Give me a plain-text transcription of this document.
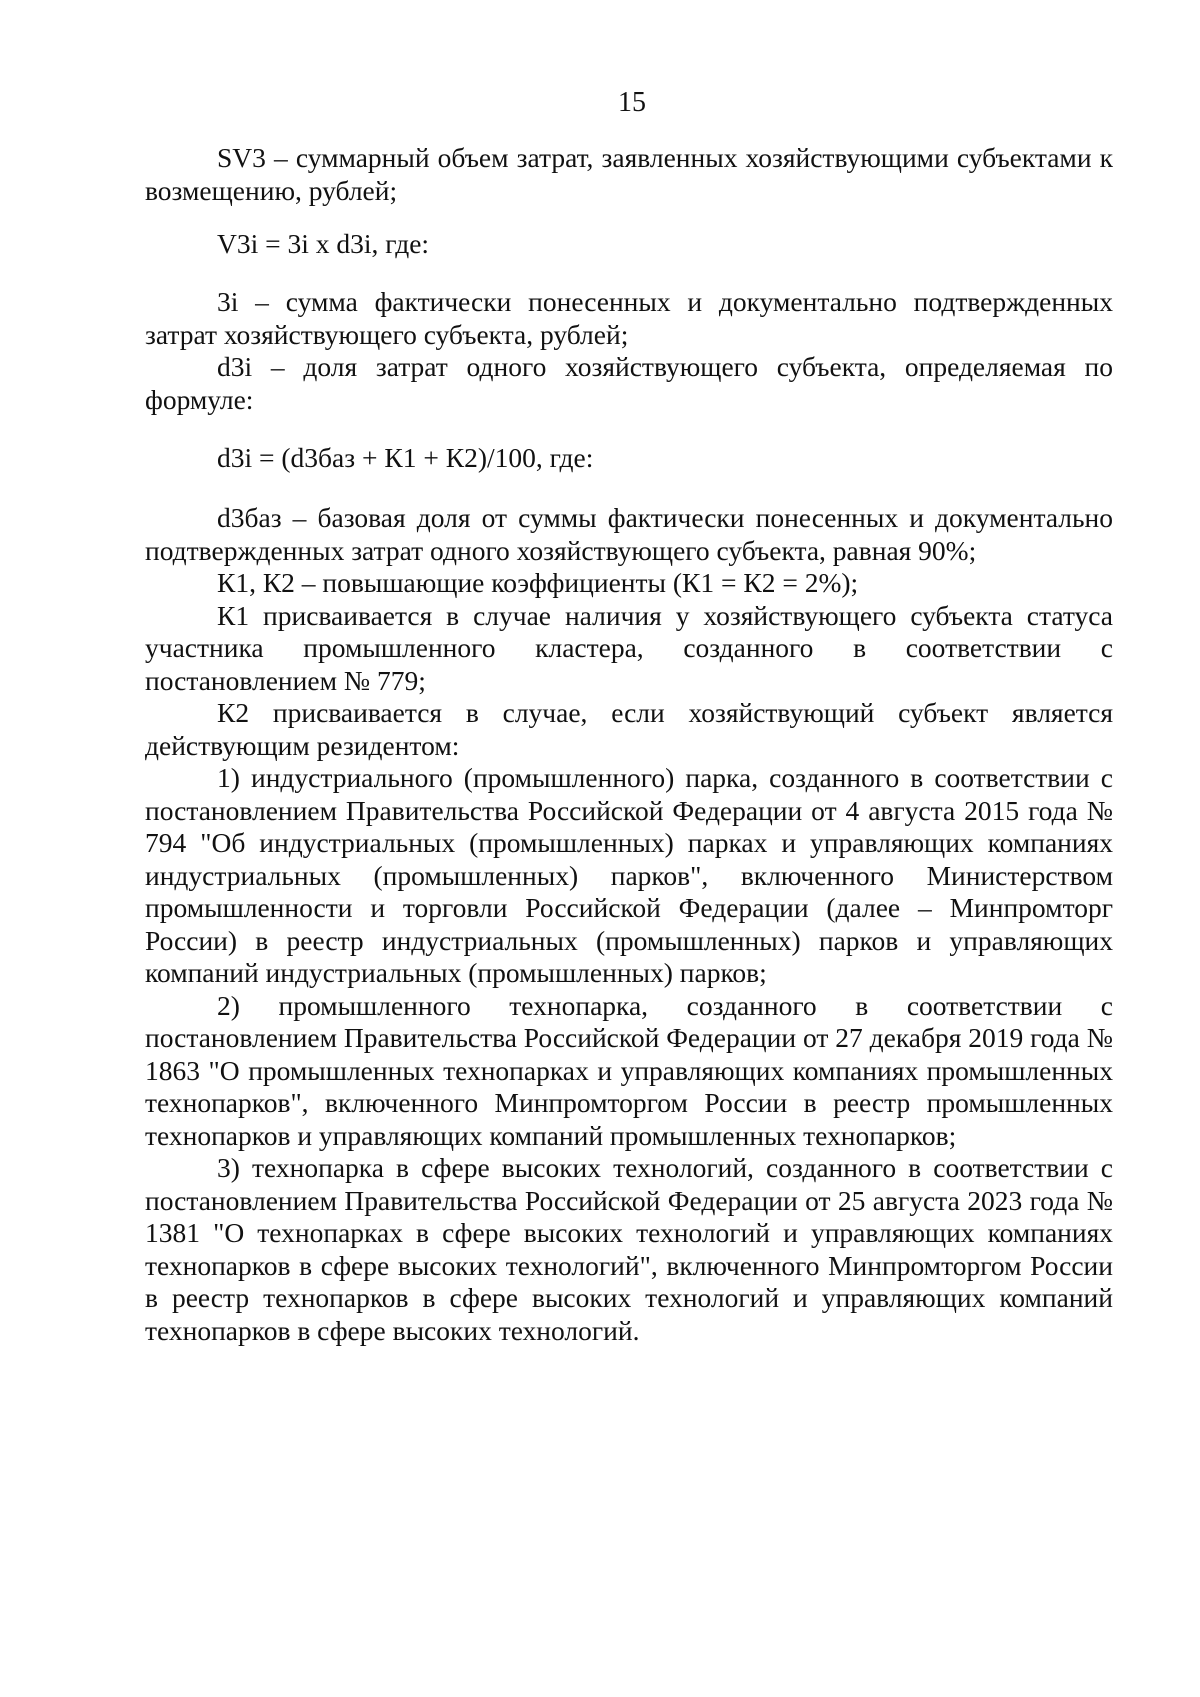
15

SV3 – суммарный объем затрат, заявленных хозяйствующими субъектами к возмещению, рублей;

V3i = 3i х d3i, где:

3i – сумма фактически понесенных и документально подтвержденных затрат хозяйствующего субъекта, рублей;

d3i – доля затрат одного хозяйствующего субъекта, определяемая по формуле:

d3i = (d3баз + К1 + К2)/100, где:

d3баз – базовая доля от суммы фактически понесенных и документально подтвержденных затрат одного хозяйствующего субъекта, равная 90%;

К1, К2 – повышающие коэффициенты (К1 = К2 = 2%);

К1 присваивается в случае наличия у хозяйствующего субъекта статуса участника промышленного кластера, созданного в соответствии с постановлением № 779;

К2 присваивается в случае, если хозяйствующий субъект является действующим резидентом:

1) индустриального (промышленного) парка, созданного в соответствии с постановлением Правительства Российской Федерации от 4 августа 2015 года № 794 "Об индустриальных (промышленных) парках и управляющих компаниях индустриальных (промышленных) парков", включенного Министерством промышленности и торговли Российской Федерации (далее – Минпромторг России) в реестр индустриальных (промышленных) парков и управляющих компаний индустриальных (промышленных) парков;

2) промышленного технопарка, созданного в соответствии с постановлением Правительства Российской Федерации от 27 декабря 2019 года № 1863 "О промышленных технопарках и управляющих компаниях промышленных технопарков", включенного Минпромторгом России в реестр промышленных технопарков и управляющих компаний промышленных технопарков;

3) технопарка в сфере высоких технологий, созданного в соответствии с постановлением Правительства Российской Федерации от 25 августа 2023 года № 1381 "О технопарках в сфере высоких технологий и управляющих компаниях технопарков в сфере высоких технологий", включенного Минпромторгом России в реестр технопарков в сфере высоких технологий и управляющих компаний технопарков в сфере высоких технологий.
